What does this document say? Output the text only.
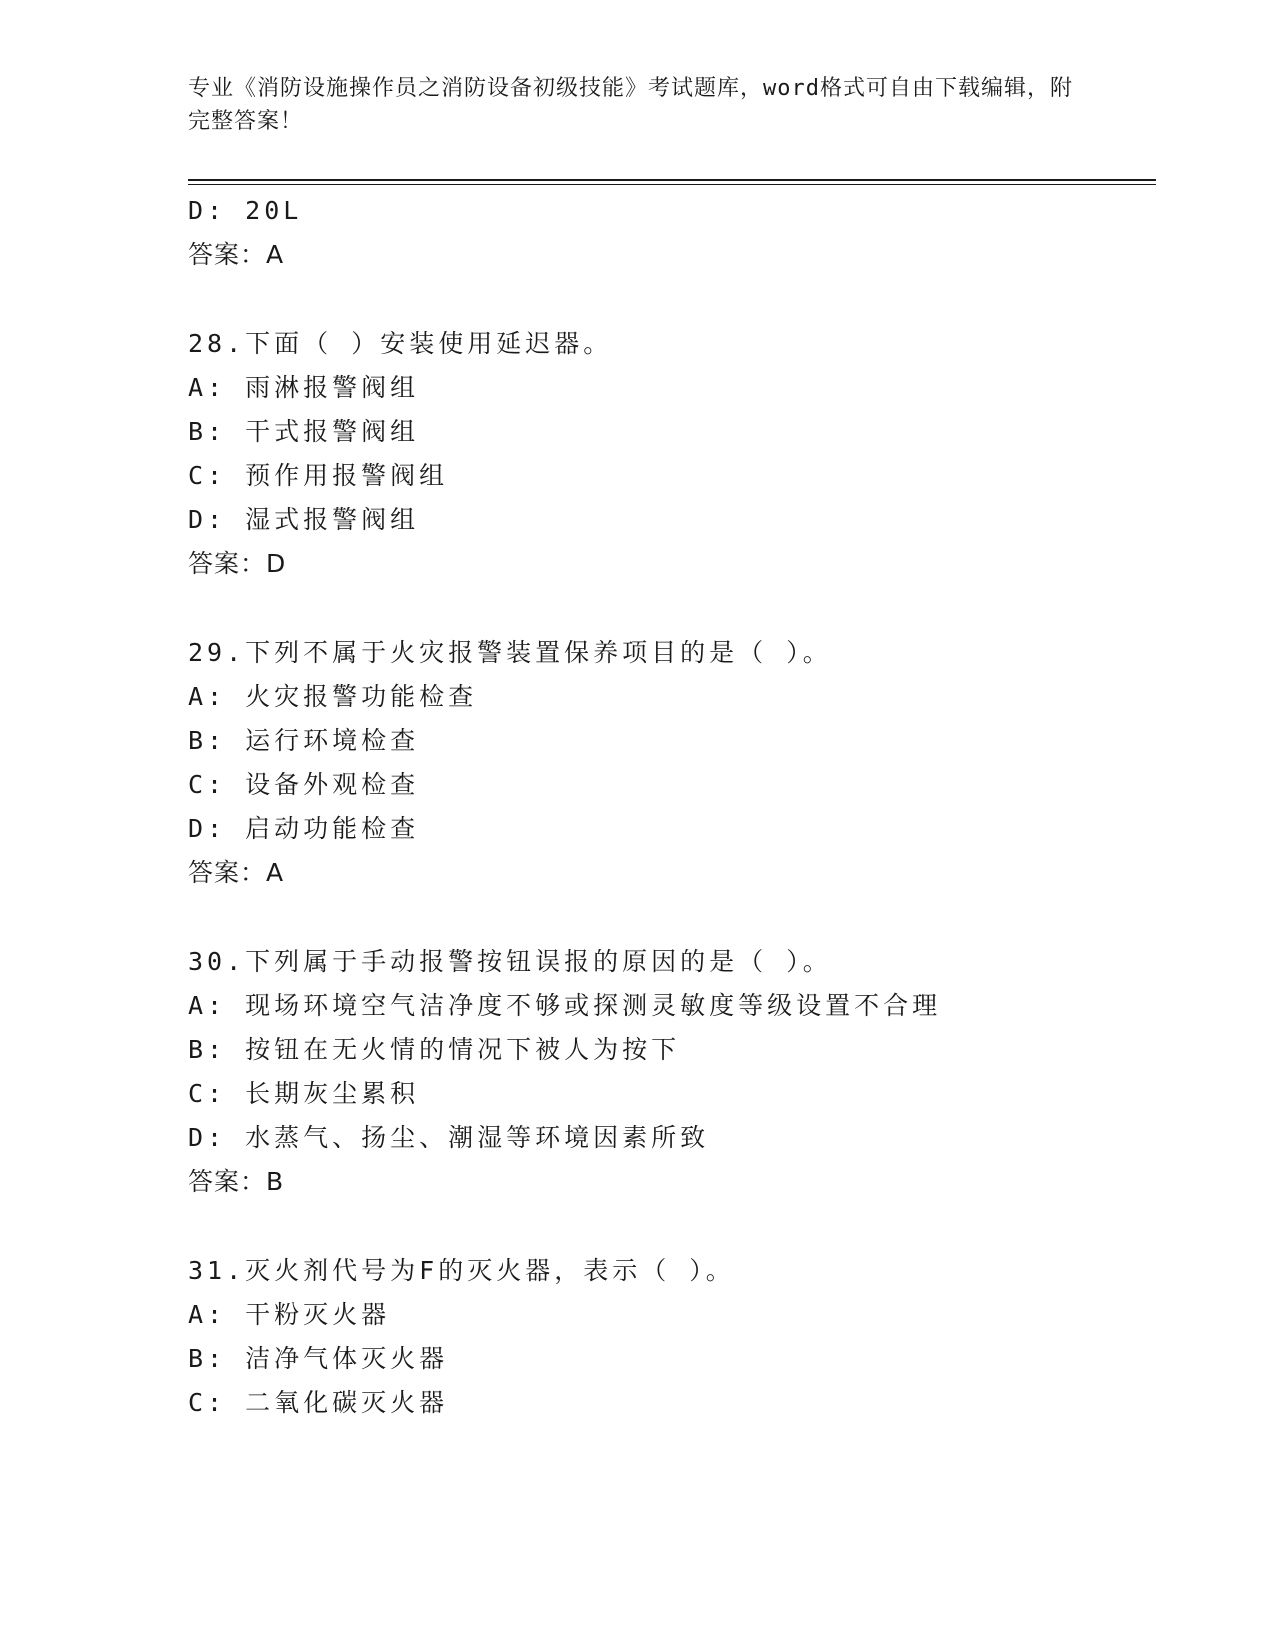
专业《消防设施操作员之消防设备初级技能》考试题库，word格式可自由下载编辑，附完整答案！
D: 20L
答案：A
28.下面（ ）安装使用延迟器。
A: 雨淋报警阀组
B: 干式报警阀组
C: 预作用报警阀组
D: 湿式报警阀组
答案：D
29.下列不属于火灾报警装置保养项目的是（ ）。
A: 火灾报警功能检查
B: 运行环境检查
C: 设备外观检查
D: 启动功能检查
答案：A
30.下列属于手动报警按钮误报的原因的是（ ）。
A: 现场环境空气洁净度不够或探测灵敏度等级设置不合理
B: 按钮在无火情的情况下被人为按下
C: 长期灰尘累积
D: 水蒸气、扬尘、潮湿等环境因素所致
答案：B
31.灭火剂代号为F的灭火器，表示（ ）。
A: 干粉灭火器
B: 洁净气体灭火器
C: 二氧化碳灭火器
